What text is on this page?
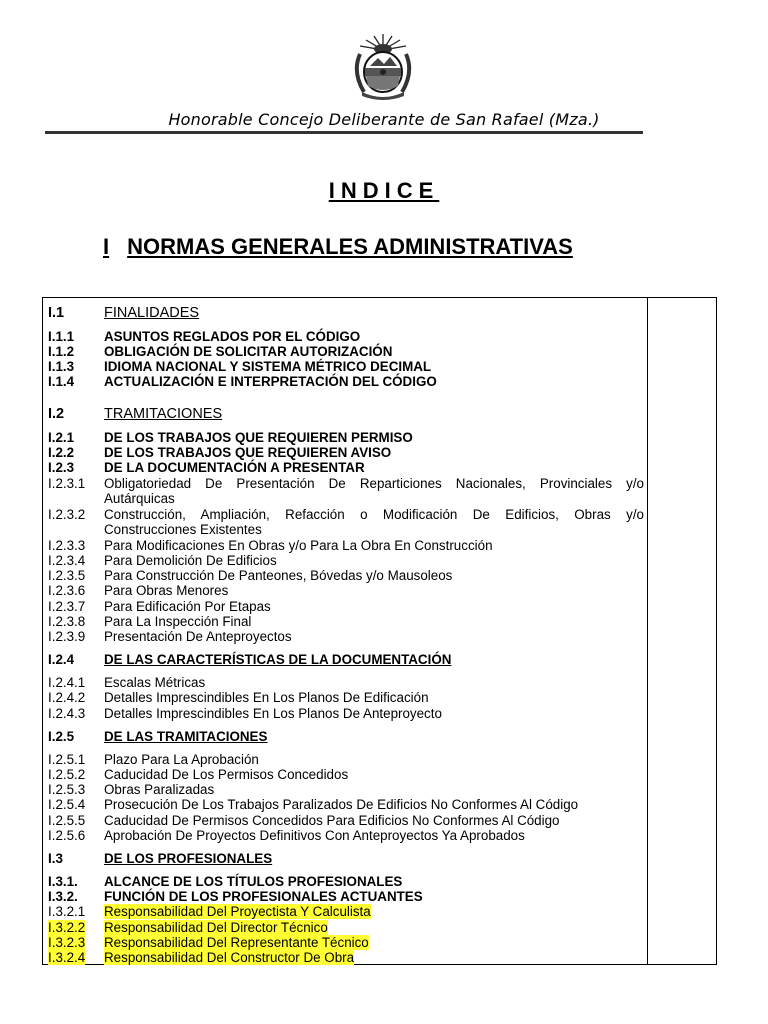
Honorable Concejo Deliberante de San Rafael (Mza.)
INDICE
I NORMAS GENERALES ADMINISTRATIVAS
I.1	FINALIDADES
I.1.1 ASUNTOS REGLADOS POR EL CÓDIGO
I.1.2 OBLIGACIÓN DE SOLICITAR AUTORIZACIÓN
I.1.3 IDIOMA NACIONAL Y SISTEMA MÉTRICO DECIMAL
I.1.4 ACTUALIZACIÓN E INTERPRETACIÓN DEL CÓDIGO
I.2	TRAMITACIONES
I.2.1 DE LOS TRABAJOS QUE REQUIEREN PERMISO
I.2.2 DE LOS TRABAJOS QUE REQUIEREN AVISO
I.2.3 DE LA DOCUMENTACIÓN A PRESENTAR
I.2.3.1 Obligatoriedad De Presentación De Reparticiones Nacionales, Provinciales y/o Autárquicas
I.2.3.2 Construcción, Ampliación, Refacción o Modificación De Edificios, Obras y/o Construcciones Existentes
I.2.3.3 Para Modificaciones En Obras y/o Para La Obra En Construcción
I.2.3.4 Para Demolición De Edificios
I.2.3.5 Para Construcción De Panteones, Bóvedas y/o Mausoleos
I.2.3.6 Para Obras Menores
I.2.3.7 Para Edificación Por Etapas
I.2.3.8 Para La Inspección Final
I.2.3.9 Presentación De Anteproyectos
I.2.4 DE LAS CARACTERÍSTICAS DE LA DOCUMENTACIÓN
I.2.4.1 Escalas Métricas
I.2.4.2 Detalles Imprescindibles En Los Planos De Edificación
I.2.4.3 Detalles Imprescindibles En Los Planos De Anteproyecto
I.2.5 DE LAS TRAMITACIONES
I.2.5.1 Plazo Para La Aprobación
I.2.5.2 Caducidad De Los Permisos Concedidos
I.2.5.3 Obras Paralizadas
I.2.5.4 Prosecución De Los Trabajos Paralizados De Edificios No Conformes Al Código
I.2.5.5 Caducidad De Permisos Concedidos Para Edificios No Conformes Al Código
I.2.5.6 Aprobación De Proyectos Definitivos Con Anteproyectos Ya Aprobados
I.3	DE LOS PROFESIONALES
I.3.1. ALCANCE DE LOS TÍTULOS PROFESIONALES
I.3.2. FUNCIÓN DE LOS PROFESIONALES ACTUANTES
I.3.2.1 Responsabilidad Del Proyectista Y Calculista
I.3.2.2 Responsabilidad Del Director Técnico
I.3.2.3 Responsabilidad Del Representante Técnico
I.3.2.4 Responsabilidad Del Constructor De Obra
